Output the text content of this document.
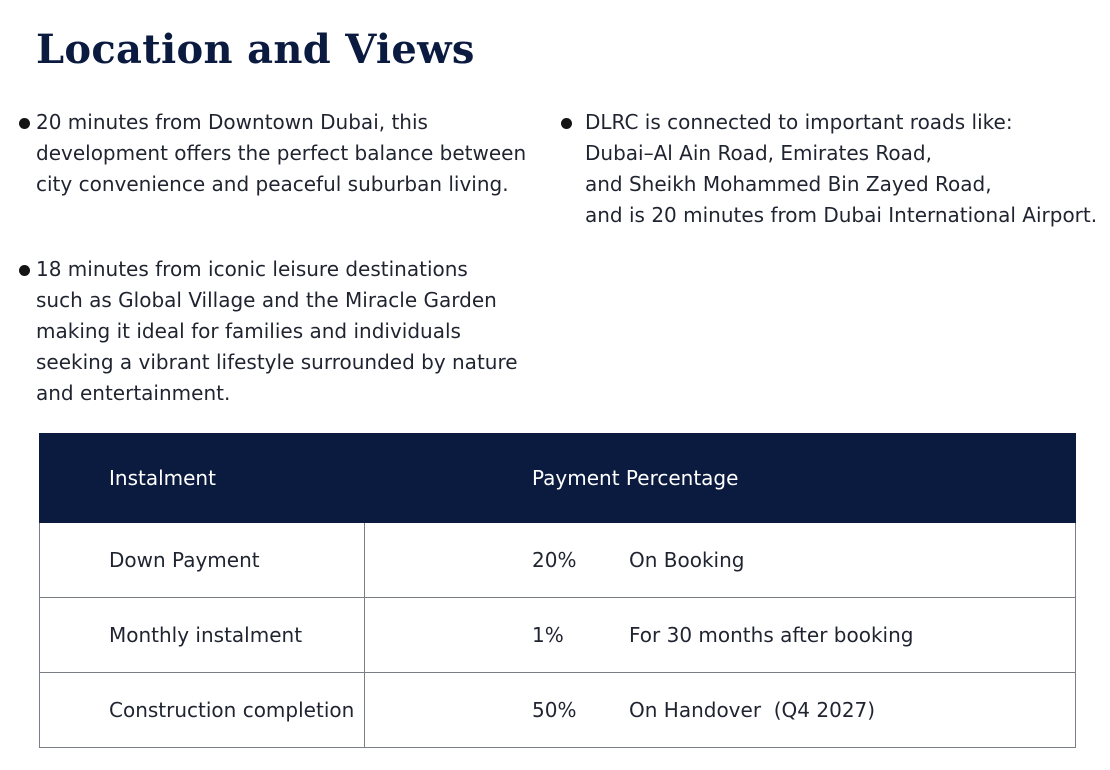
Location and Views
20 minutes from Downtown Dubai, this
development offers the perfect balance between
city convenience and peaceful suburban living.
18 minutes from iconic leisure destinations
such as Global Village and the Miracle Garden
making it ideal for families and individuals
seeking a vibrant lifestyle surrounded by nature
and entertainment.
DLRC is connected to important roads like:
Dubai–Al Ain Road, Emirates Road,
and Sheikh Mohammed Bin Zayed Road,
and is 20 minutes from Dubai International Airport.
Instalment	Payment Percentage

Down Payment	20% On Booking

Monthly instalment	1% For 30 months after booking

Construction completion	50% On Handover  (Q4 2027)
